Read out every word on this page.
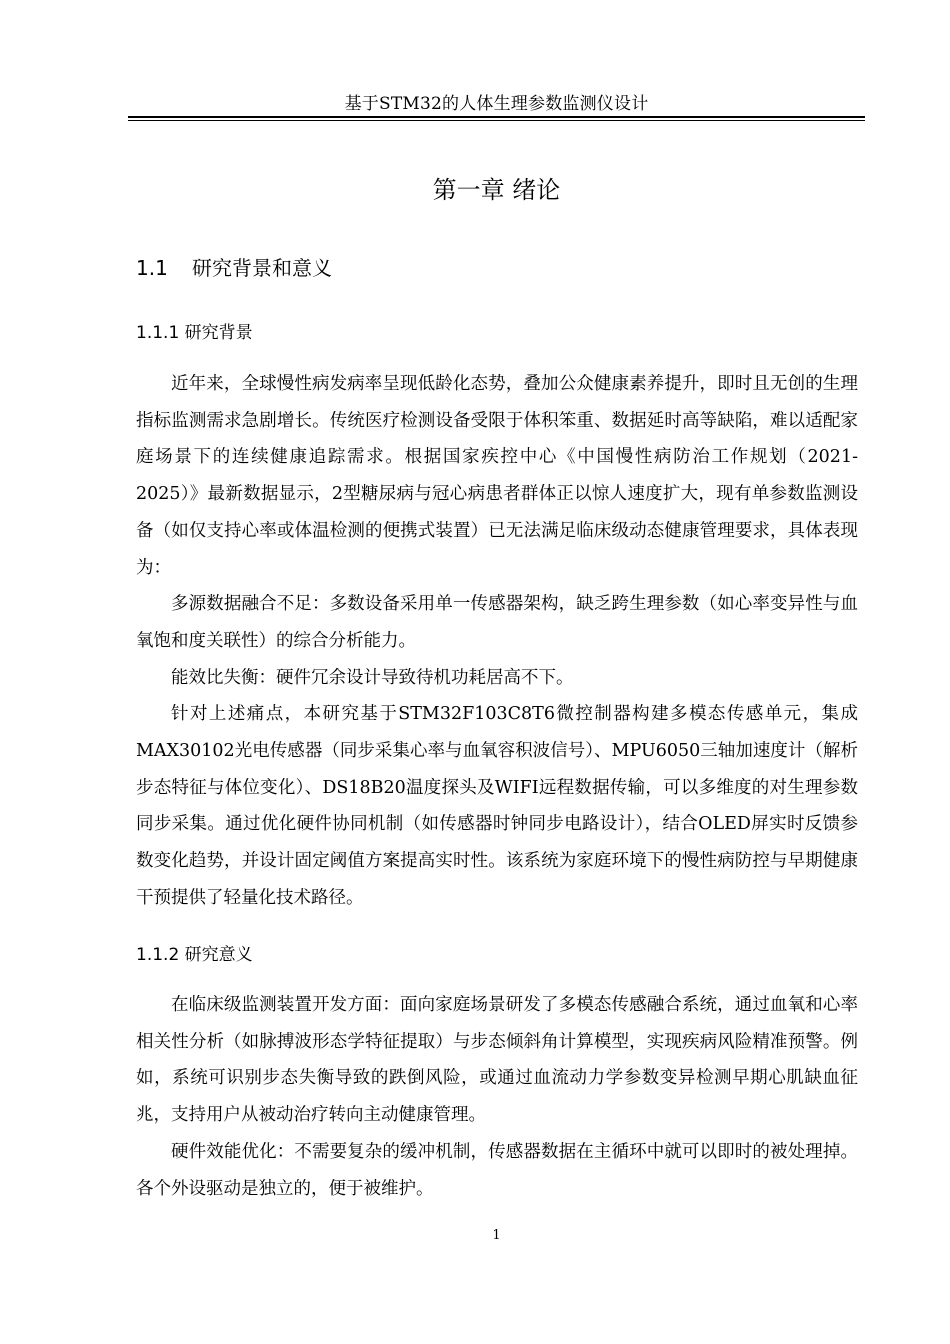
基于STM32的人体生理参数监测仪设计
第一章 绪论
1.1 研究背景和意义
1.1.1 研究背景

近年来，全球慢性病发病率呈现低龄化态势，叠加公众健康素养提升，即时且无创的生理指标监测需求急剧增长。传统医疗检测设备受限于体积笨重、数据延时高等缺陷，难以适配家庭场景下的连续健康追踪需求。根据国家疾控中心《中国慢性病防治工作规划（2021-2025）》最新数据显示，2型糖尿病与冠心病患者群体正以惊人速度扩大，现有单参数监测设备（如仅支持心率或体温检测的便携式装置）已无法满足临床级动态健康管理要求，具体表现为：

多源数据融合不足：多数设备采用单一传感器架构，缺乏跨生理参数（如心率变异性与血氧饱和度关联性）的综合分析能力。

能效比失衡：硬件冗余设计导致待机功耗居高不下。

针对上述痛点，本研究基于STM32F103C8T6微控制器构建多模态传感单元，集成MAX30102光电传感器（同步采集心率与血氧容积波信号）、MPU6050三轴加速度计（解析步态特征与体位变化）、DS18B20温度探头及WIFI远程数据传输，可以多维度的对生理参数同步采集。通过优化硬件协同机制（如传感器时钟同步电路设计），结合OLED屏实时反馈参数变化趋势，并设计固定阈值方案提高实时性。该系统为家庭环境下的慢性病防控与早期健康干预提供了轻量化技术路径。

1.1.2 研究意义

在临床级监测装置开发方面：面向家庭场景研发了多模态传感融合系统，通过血氧和心率相关性分析（如脉搏波形态学特征提取）与步态倾斜角计算模型，实现疾病风险精准预警。例如，系统可识别步态失衡导致的跌倒风险，或通过血流动力学参数变异检测早期心肌缺血征兆，支持用户从被动治疗转向主动健康管理。

硬件效能优化：不需要复杂的缓冲机制，传感器数据在主循环中就可以即时的被处理掉。各个外设驱动是独立的，便于被维护。

1
